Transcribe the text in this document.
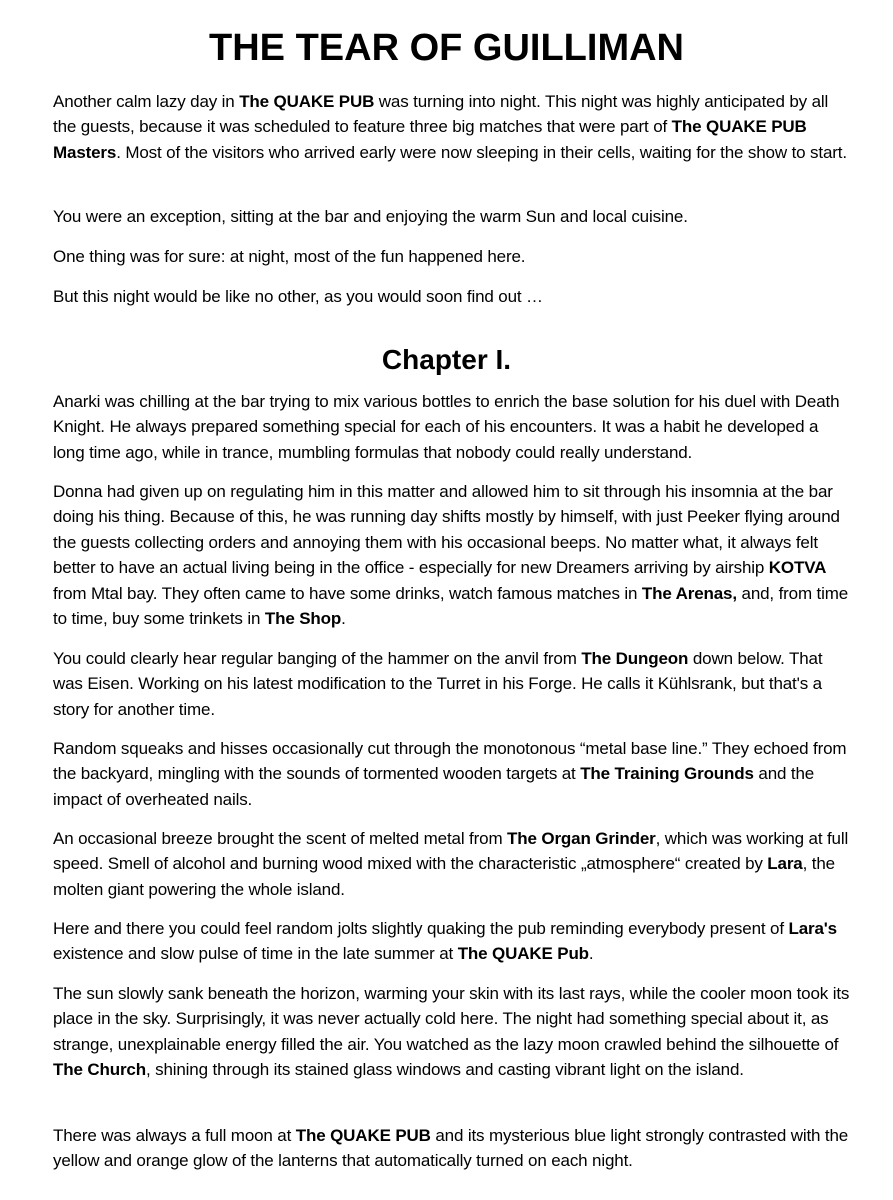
THE TEAR OF GUILLIMAN

Another calm lazy day in The QUAKE PUB was turning into night. This night was highly anticipated by all the guests, because it was scheduled to feature three big matches that were part of The QUAKE PUB Masters. Most of the visitors who arrived early were now sleeping in their cells, waiting for the show to start.

You were an exception, sitting at the bar and enjoying the warm Sun and local cuisine.

One thing was for sure: at night, most of the fun happened here.

But this night would be like no other, as you would soon find out …

Chapter I.

Anarki was chilling at the bar trying to mix various bottles to enrich the base solution for his duel with Death Knight. He always prepared something special for each of his encounters. It was a habit he developed a long time ago, while in trance, mumbling formulas that nobody could really understand.

Donna had given up on regulating him in this matter and allowed him to sit through his insomnia at the bar doing his thing. Because of this, he was running day shifts mostly by himself, with just Peeker flying around the guests collecting orders and annoying them with his occasional beeps. No matter what, it always felt better to have an actual living being in the office - especially for new Dreamers arriving by airship KOTVA from Mtal bay. They often came to have some drinks, watch famous matches in The Arenas, and, from time to time, buy some trinkets in The Shop.

You could clearly hear regular banging of the hammer on the anvil from The Dungeon down below. That was Eisen. Working on his latest modification to the Turret in his Forge. He calls it Kühlsrank, but that's a story for another time.

Random squeaks and hisses occasionally cut through the monotonous “metal base line.” They echoed from the backyard, mingling with the sounds of tormented wooden targets at The Training Grounds and the impact of overheated nails.

An occasional breeze brought the scent of melted metal from The Organ Grinder, which was working at full speed. Smell of alcohol and burning wood mixed with the characteristic „atmosphere“ created by Lara, the molten giant powering the whole island.

Here and there you could feel random jolts slightly quaking the pub reminding everybody present of Lara's existence and slow pulse of time in the late summer at The QUAKE Pub.

The sun slowly sank beneath the horizon, warming your skin with its last rays, while the cooler moon took its place in the sky. Surprisingly, it was never actually cold here. The night had something special about it, as strange, unexplainable energy filled the air. You watched as the lazy moon crawled behind the silhouette of The Church, shining through its stained glass windows and casting vibrant light on the island.

There was always a full moon at The QUAKE PUB and its mysterious blue light strongly contrasted with the yellow and orange glow of the lanterns that automatically turned on each night.
